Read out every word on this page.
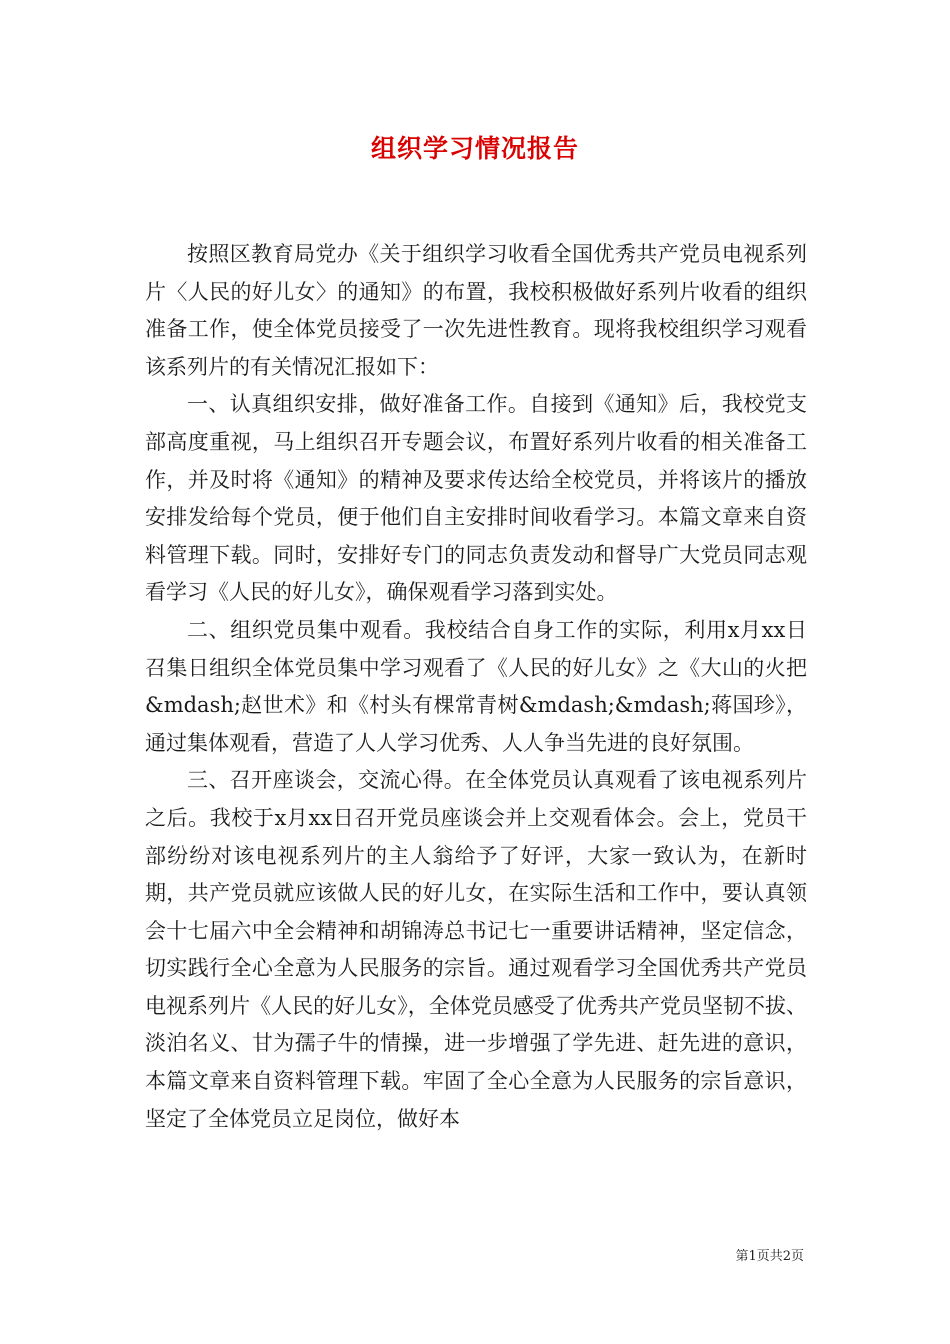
组织学习情况报告

按照区教育局党办《关于组织学习收看全国优秀共产党员电视系列片〈人民的好儿女〉的通知》的布置，我校积极做好系列片收看的组织准备工作，使全体党员接受了一次先进性教育。现将我校组织学习观看该系列片的有关情况汇报如下：

一、认真组织安排，做好准备工作。自接到《通知》后，我校党支部高度重视，马上组织召开专题会议，布置好系列片收看的相关准备工作，并及时将《通知》的精神及要求传达给全校党员，并将该片的播放安排发给每个党员，便于他们自主安排时间收看学习。本篇文章来自资料管理下载。同时，安排好专门的同志负责发动和督导广大党员同志观看学习《人民的好儿女》，确保观看学习落到实处。

二、组织党员集中观看。我校结合自身工作的实际，利用x月xx日召集日组织全体党员集中学习观看了《人民的好儿女》之《大山的火把&mdash;赵世术》和《村头有棵常青树&mdash;&mdash;蒋国珍》，通过集体观看，营造了人人学习优秀、人人争当先进的良好氛围。

三、召开座谈会，交流心得。在全体党员认真观看了该电视系列片之后。我校于x月xx日召开党员座谈会并上交观看体会。会上，党员干部纷纷对该电视系列片的主人翁给予了好评，大家一致认为，在新时期，共产党员就应该做人民的好儿女，在实际生活和工作中，要认真领会十七届六中全会精神和胡锦涛总书记七一重要讲话精神，坚定信念，切实践行全心全意为人民服务的宗旨。通过观看学习全国优秀共产党员电视系列片《人民的好儿女》，全体党员感受了优秀共产党员坚韧不拔、淡泊名义、甘为孺子牛的情操，进一步增强了学先进、赶先进的意识，本篇文章来自资料管理下载。牢固了全心全意为人民服务的宗旨意识，坚定了全体党员立足岗位，做好本

第1页共2页
